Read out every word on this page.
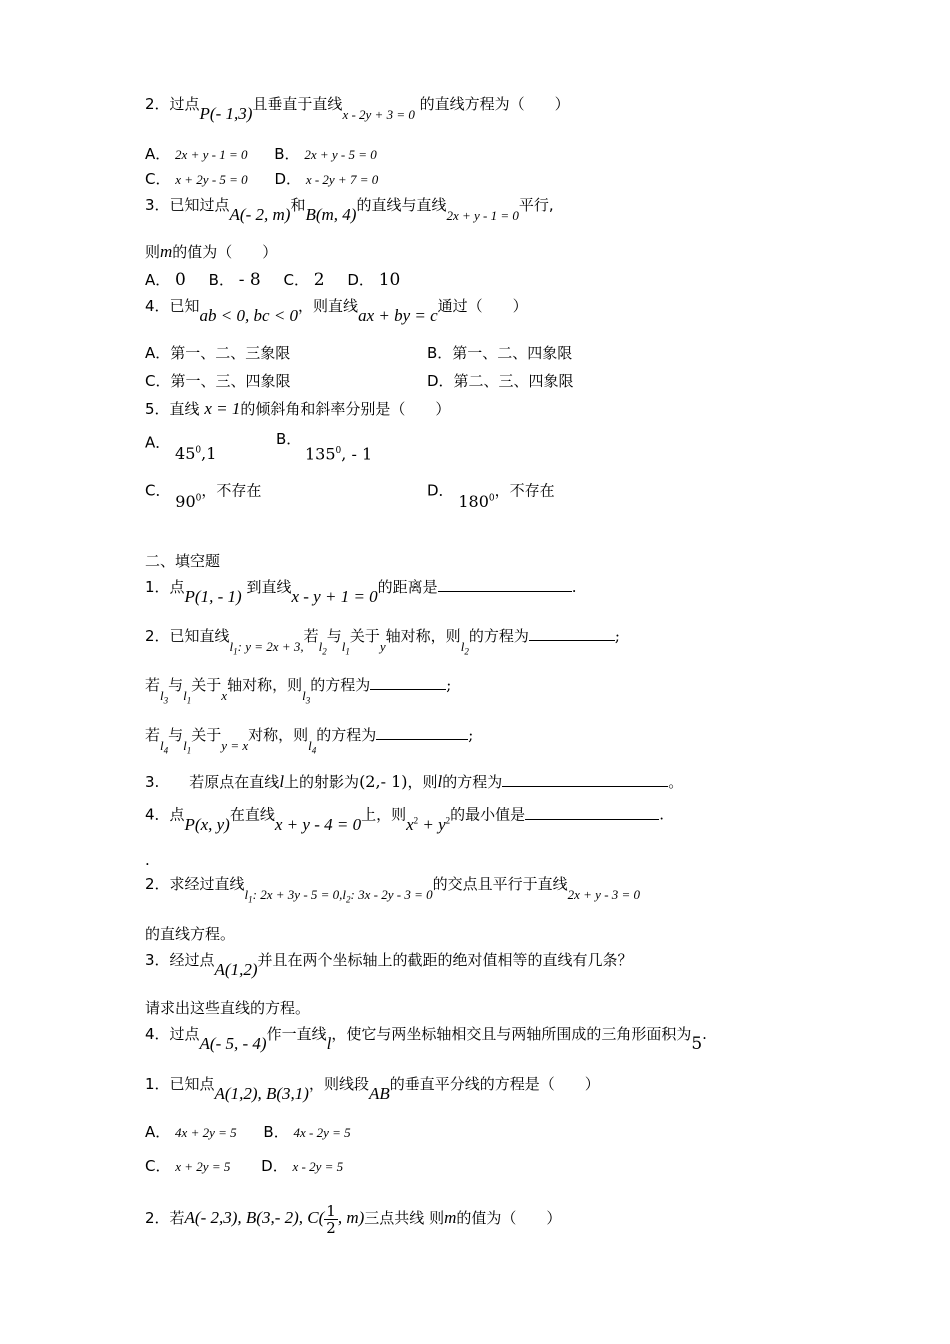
2．过点P(- 1,3)且垂直于直线x - 2y + 3 = 0 的直线方程为（　　）
A． 2x + y - 1 = 0 B． 2x + y - 5 = 0
C． x + 2y - 5 = 0 D． x - 2y + 7 = 0
3．已知过点A(- 2, m)和B(m, 4)的直线与直线2x + y - 1 = 0平行,
则m的值为（　　）
A． 0 B． - 8 C． 2 D． 10
4．已知ab < 0, bc < 0，则直线ax + by = c通过（　　）
A．第一、二、三象限	B．第一、二、四象限
C．第一、三、四象限	D．第二、三、四象限
5．直线 x = 1的倾斜角和斜率分别是（　　）
A． $45^0,1$
B．
$135^0$, - 1
C． $90^0$，不存在	D． $180^0$，不存在
二、填空题
1．点P(1, - 1) 到直线x - y + 1 = 0的距离是	.
2．已知直线$l_1$: y = 2x + 3,若$l_2$与$l_1$关于y轴对称，则$l_2$的方程为	;
若$l_3$与$l_1$关于x轴对称，则$l_3$的方程为	;
若$l_4$与$l_1$关于y = x对称，则$l_4$的方程为	;
3.　　若原点在直线l上的射影为(2,- 1)，则l的方程为	。
4．点P(x, y)在直线x + y - 4 = 0上，则$x^2 + y^2$的最小值是	.
.
2．求经过直线$l_1$: $2x + 3y - 5 = 0,l_2$: 3x - 2y - 3 = 0的交点且平行于直线2x + y - 3 = 0
的直线方程。
3．经过点A(1,2)并且在两个坐标轴上的截距的绝对值相等的直线有几条？
请求出这些直线的方程。
4．过点A(- 5, - 4)作一直线l，使它与两坐标轴相交且与两轴所围成的三角形面积为5.
1．已知点A(1,2), B(3,1)，则线段AB的垂直平分线的方程是（　　）
A． 4x + 2y = 5 B． 4x - 2y = 5
C． x + 2y = 5 D． x - 2y = 5
2．若A(- 2,3), B(3,- 2), $C( \frac{1}{2}$ , m)三点共线 则m的值为（　　）
